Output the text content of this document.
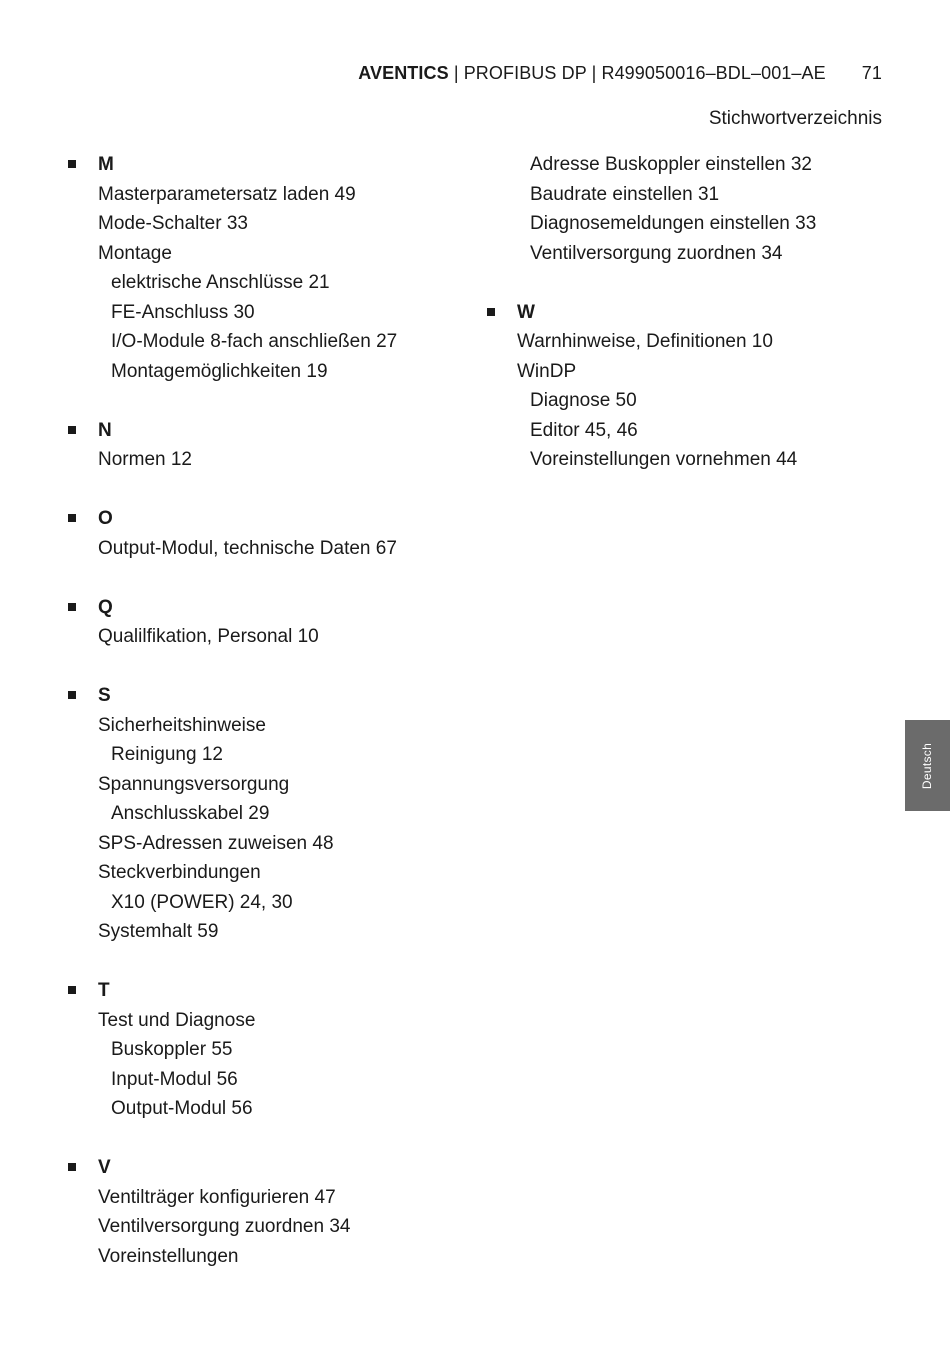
AVENTICS | PROFIBUS DP | R499050016–BDL–001–AE 71
Stichwortverzeichnis
M
Masterparametersatz laden 49
Mode-Schalter 33
Montage
elektrische Anschlüsse 21
FE-Anschluss 30
I/O-Module 8-fach anschließen 27
Montagemöglichkeiten 19
N
Normen 12
O
Output-Modul, technische Daten 67
Q
Qualilfikation, Personal 10
S
Sicherheitshinweise
Reinigung 12
Spannungsversorgung
Anschlusskabel 29
SPS-Adressen zuweisen 48
Steckverbindungen
X10 (POWER) 24, 30
Systemhalt 59
T
Test und Diagnose
Buskoppler 55
Input-Modul 56
Output-Modul 56
V
Ventilträger konfigurieren 47
Ventilversorgung zuordnen 34
Voreinstellungen
Adresse Buskoppler einstellen 32
Baudrate einstellen 31
Diagnosemeldungen einstellen 33
Ventilversorgung zuordnen 34
W
Warnhinweise, Definitionen 10
WinDP
Diagnose 50
Editor 45, 46
Voreinstellungen vornehmen 44
Deutsch
